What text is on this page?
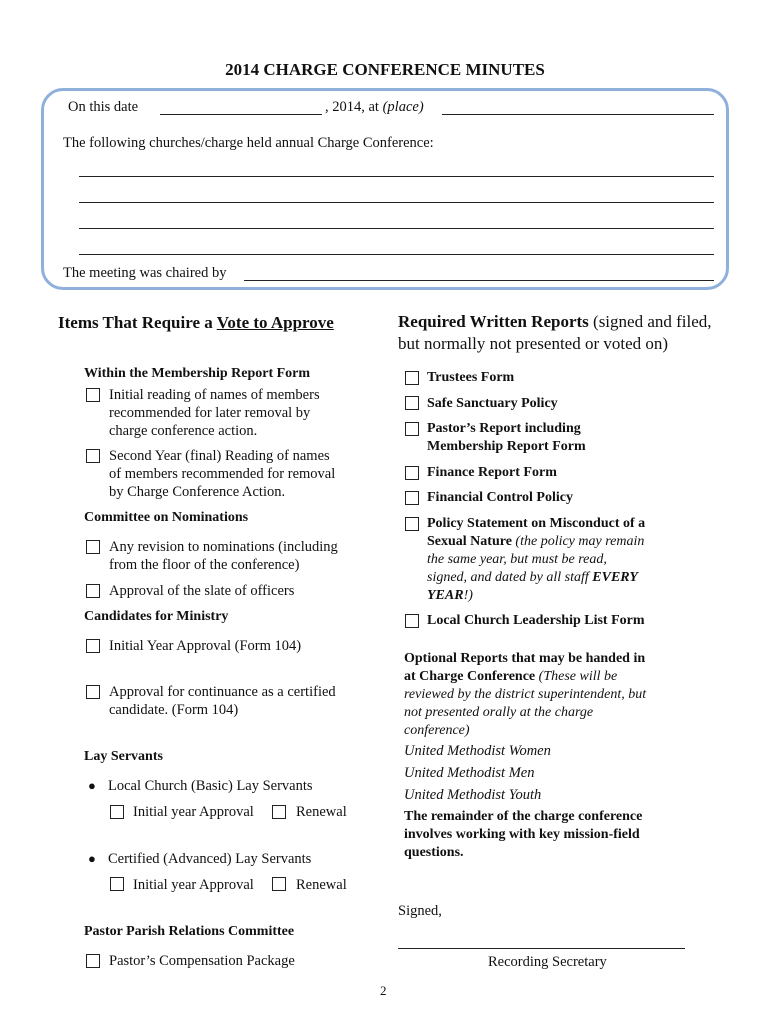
2014 CHARGE CONFERENCE MINUTES
On this date	, 2014, at (place)
The following churches/charge held annual Charge Conference:
The meeting was chaired by
Items That Require a Vote to Approve
Within the Membership Report Form
Initial reading of names of members
recommended for later removal by
charge conference action.
Second Year (final) Reading of names
of members recommended for removal
by Charge Conference Action.
Committee on Nominations
Any revision to nominations (including
from the floor of the conference)
Approval of the slate of officers
Candidates for Ministry
Initial Year Approval (Form 104)
Approval for continuance as a certified
candidate. (Form 104)
Lay Servants
● Local Church (Basic) Lay Servants
Initial year Approval	Renewal
● Certified (Advanced) Lay Servants
Initial year Approval	Renewal
Pastor Parish Relations Committee
Pastor’s Compensation Package
Required Written Reports (signed and filed,
but normally not presented or voted on)
Trustees Form
Safe Sanctuary Policy
Pastor’s Report including
Membership Report Form
Finance Report Form
Financial Control Policy
Policy Statement on Misconduct of a
Sexual Nature (the policy may remain
the same year, but must be read,
signed, and dated by all staff EVERY
YEAR!)
Local Church Leadership List Form
Optional Reports that may be handed in
at Charge Conference (These will be
reviewed by the district superintendent, but
not presented orally at the charge
conference)
United Methodist Women
United Methodist Men
United Methodist Youth
The remainder of the charge conference
involves working with key mission-field
questions.
Signed,
Recording Secretary
2
